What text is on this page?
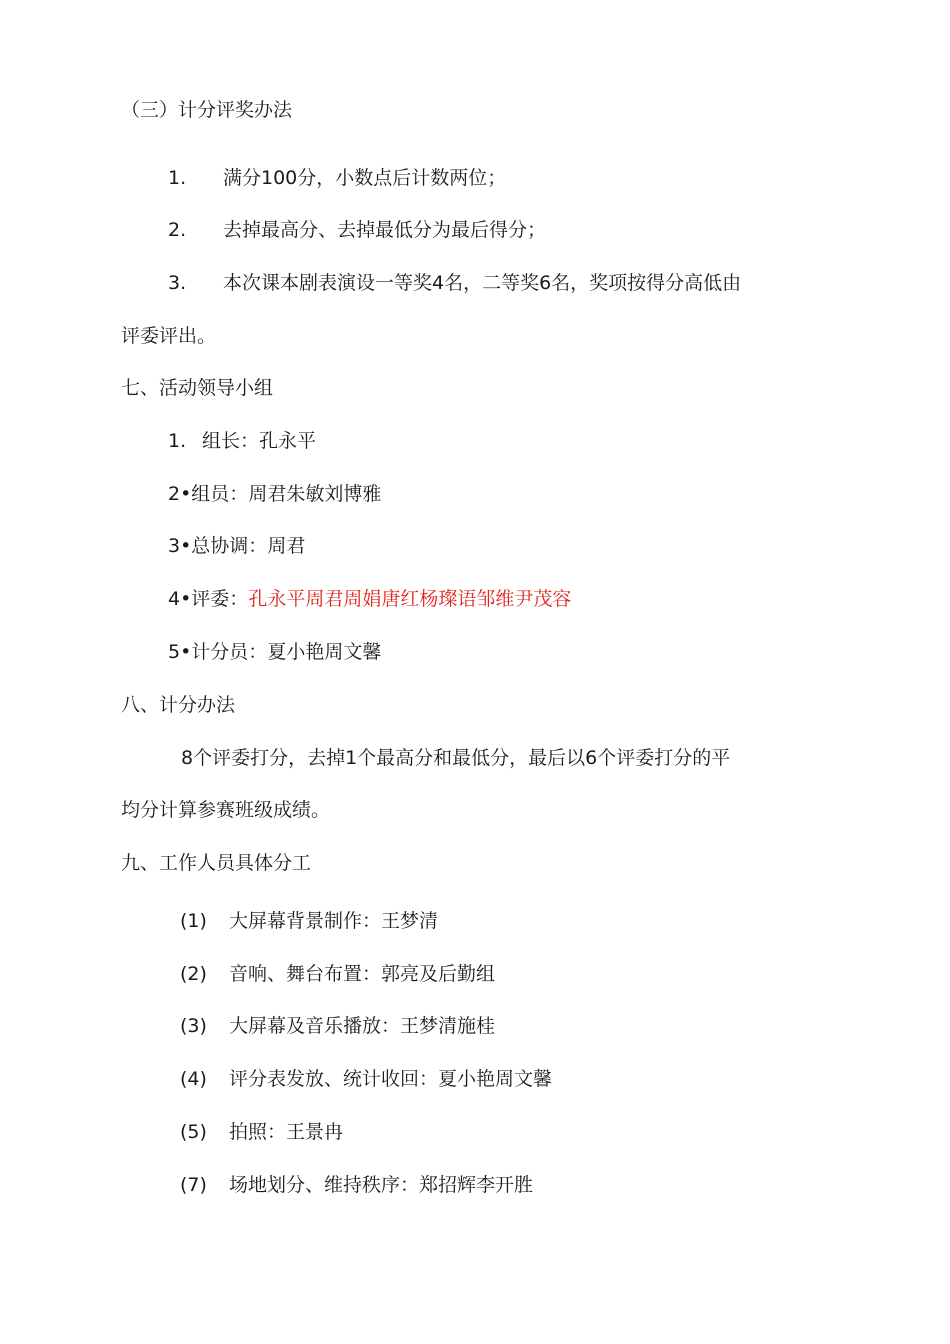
（三）计分评奖办法
1. 满分100分，小数点后计数两位；
2. 去掉最高分、去掉最低分为最后得分；
3. 本次课本剧表演设一等奖4名，二等奖6名，奖项按得分高低由
评委评出。
七、活动领导小组
1. 组长：孔永平
2•组员：周君朱敏刘博雅
3•总协调：周君
4•评委：孔永平周君周娟唐红杨璨语邹维尹茂容
5•计分员：夏小艳周文馨
八、计分办法
8个评委打分，去掉1个最高分和最低分，最后以6个评委打分的平
均分计算参赛班级成绩。
九、工作人员具体分工
(1) 大屏幕背景制作：王梦清
(2) 音响、舞台布置：郭亮及后勤组
(3) 大屏幕及音乐播放：王梦清施桂
(4) 评分表发放、统计收回：夏小艳周文馨
(5) 拍照：王景冉
(7) 场地划分、维持秩序：郑招辉李开胜
